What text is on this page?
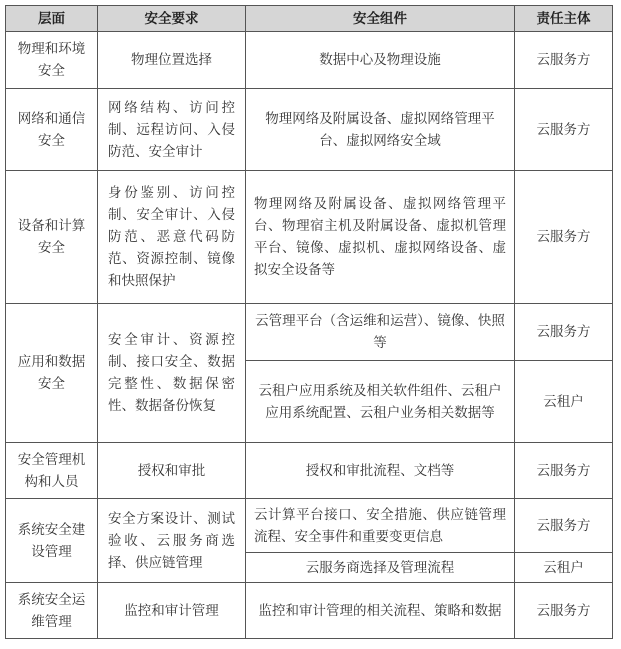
层面	安全要求	安全组件	责任主体
物理和环境安全	物理位置选择	数据中心及物理设施	云服务方
网络和通信安全	网络结构、访问控制、远程访问、入侵防范、安全审计	物理网络及附属设备、虚拟网络管理平台、虚拟网络安全域	云服务方
设备和计算安全	身份鉴别、访问控制、安全审计、入侵防范、恶意代码防范、资源控制、镜像和快照保护	物理网络及附属设备、虚拟网络管理平台、物理宿主机及附属设备、虚拟机管理平台、镜像、虚拟机、虚拟网络设备、虚拟安全设备等	云服务方
应用和数据安全	安全审计、资源控制、接口安全、数据完整性、数据保密性、数据备份恢复	云管理平台（含运维和运营）、镜像、快照等	云服务方
		云租户应用系统及相关软件组件、云租户应用系统配置、云租户业务相关数据等	云租户
安全管理机构和人员	授权和审批	授权和审批流程、文档等	云服务方
系统安全建设管理	安全方案设计、测试验收、云服务商选择、供应链管理	云计算平台接口、安全措施、供应链管理流程、安全事件和重要变更信息	云服务方
		云服务商选择及管理流程	云租户
系统安全运维管理	监控和审计管理	监控和审计管理的相关流程、策略和数据	云服务方
